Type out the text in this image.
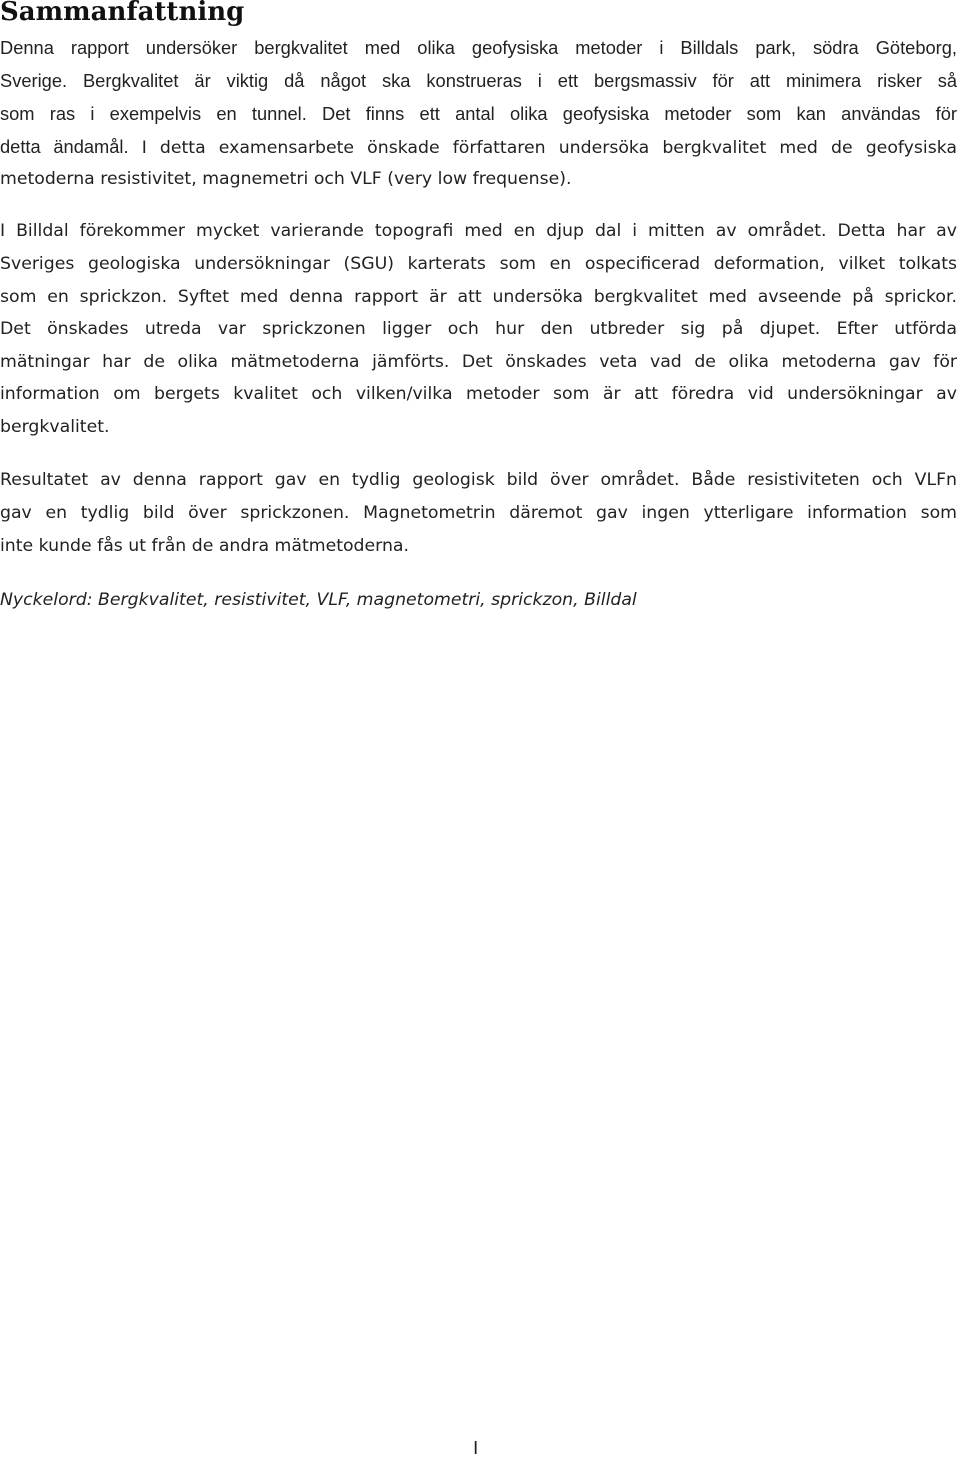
Sammanfattning

Denna rapport undersöker bergkvalitet med olika geofysiska metoder i Billdals park, södra Göteborg,

Sverige. Bergkvalitet är viktig då något ska konstrueras i ett bergsmassiv för att minimera risker så

som ras i exempelvis en tunnel. Det finns ett antal olika geofysiska metoder som kan användas för

detta ändamål. I detta examensarbete önskade författaren undersöka bergkvalitet med de geofysiska

metoderna resistivitet, magnemetri och VLF (very low frequense).

I Billdal förekommer mycket varierande topografi med en djup dal i mitten av området. Detta har av

Sveriges geologiska undersökningar (SGU) karterats som en ospecificerad deformation, vilket tolkats

som en sprickzon. Syftet med denna rapport är att undersöka bergkvalitet med avseende på sprickor.

Det önskades utreda var sprickzonen ligger och hur den utbreder sig på djupet. Efter utförda

mätningar har de olika mätmetoderna jämförts. Det önskades veta vad de olika metoderna gav för

information om bergets kvalitet och vilken/vilka metoder som är att föredra vid undersökningar av

bergkvalitet.

Resultatet av denna rapport gav en tydlig geologisk bild över området. Både resistiviteten och VLFn

gav en tydlig bild över sprickzonen. Magnetometrin däremot gav ingen ytterligare information som

inte kunde fås ut från de andra mätmetoderna.

Nyckelord: Bergkvalitet, resistivitet, VLF, magnetometri, sprickzon, Billdal

I
